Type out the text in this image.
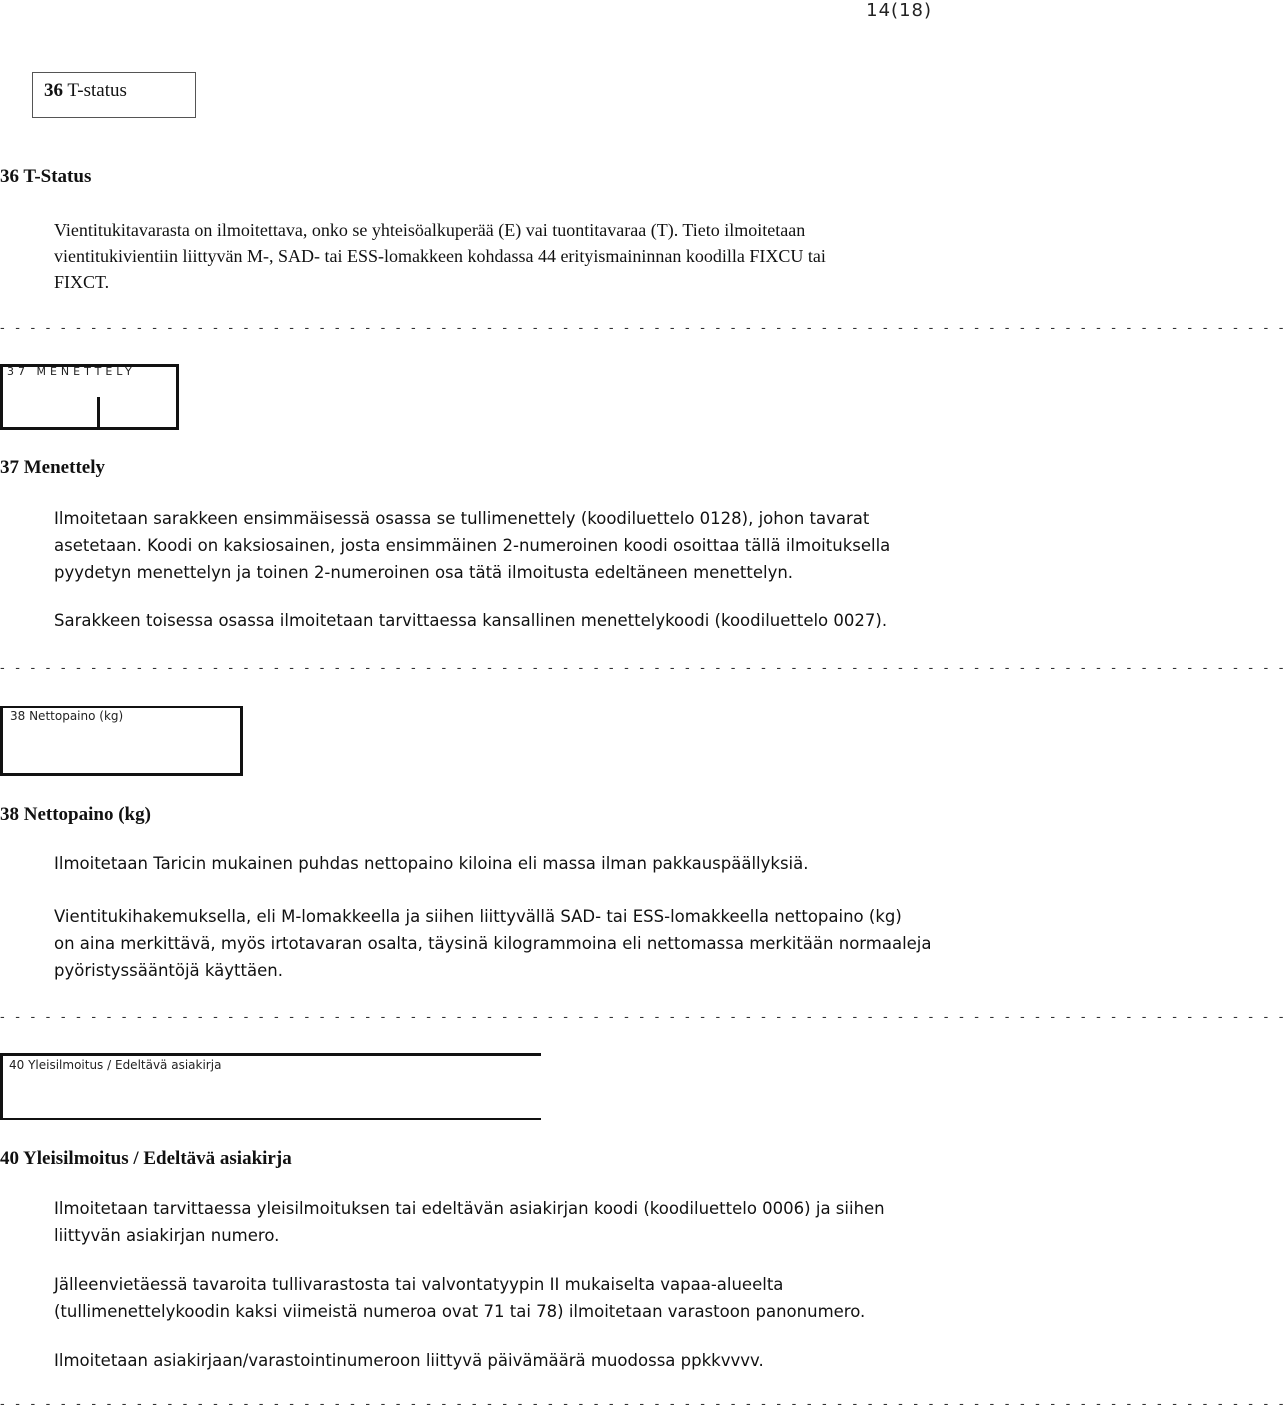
14(18)
36 T-status
36 T-Status
Vientitukitavarasta on ilmoitettava, onko se yhteisöalkuperää (E) vai tuontitavaraa (T). Tieto ilmoitetaan
vientitukivientiin liittyvän M-, SAD- tai ESS-lomakkeen kohdassa 44 erityismaininnan koodilla FIXCU tai
FIXCT.
- - - - - - - - - - - - - - - - - - - - - - - - - - - - - - - - - - - - - - - - - - - - - - - - - - - - - - - - - - - - - - - - - - - - - - - - - - - - - - - - - - - - -
37 MENETTELY
37 Menettely
Ilmoitetaan sarakkeen ensimmäisessä osassa se tullimenettely (koodiluettelo 0128), johon tavarat
asetetaan. Koodi on kaksiosainen, josta ensimmäinen 2-numeroinen koodi osoittaa tällä ilmoituksella
pyydetyn menettelyn ja toinen 2-numeroinen osa tätä ilmoitusta edeltäneen menettelyn.
Sarakkeen toisessa osassa ilmoitetaan tarvittaessa kansallinen menettelykoodi (koodiluettelo 0027).
- - - - - - - - - - - - - - - - - - - - - - - - - - - - - - - - - - - - - - - - - - - - - - - - - - - - - - - - - - - - - - - - - - - - - - - - - - - - - - - - - - - - -
38 Nettopaino (kg)
38 Nettopaino (kg)
Ilmoitetaan Taricin mukainen puhdas nettopaino kiloina eli massa ilman pakkauspäällyksiä.
Vientitukihakemuksella, eli M-lomakkeella ja siihen liittyvällä SAD- tai ESS-lomakkeella nettopaino (kg)
on aina merkittävä, myös irtotavaran osalta, täysinä kilogrammoina eli nettomassa merkitään normaaleja
pyöristyssääntöjä käyttäen.
- - - - - - - - - - - - - - - - - - - - - - - - - - - - - - - - - - - - - - - - - - - - - - - - - - - - - - - - - - - - - - - - - - - - - - - - - - - - - - - - - - - - -
40 Yleisilmoitus / Edeltävä asiakirja
40 Yleisilmoitus / Edeltävä asiakirja
Ilmoitetaan tarvittaessa yleisilmoituksen tai edeltävän asiakirjan koodi (koodiluettelo 0006) ja siihen
liittyvän asiakirjan numero.
Jälleenvietäessä tavaroita tullivarastosta tai valvontatyypin II mukaiselta vapaa-alueelta
(tullimenettelykoodin kaksi viimeistä numeroa ovat 71 tai 78) ilmoitetaan varastoon panonumero.
Ilmoitetaan asiakirjaan/varastointinumeroon liittyvä päivämäärä muodossa ppkkvvvv.
- - - - - - - - - - - - - - - - - - - - - - - - - - - - - - - - - - - - - - - - - - - - - - - - - - - - - - - - - - - - - - - - - - - - - - - - - - - - - - - - - - - - -
